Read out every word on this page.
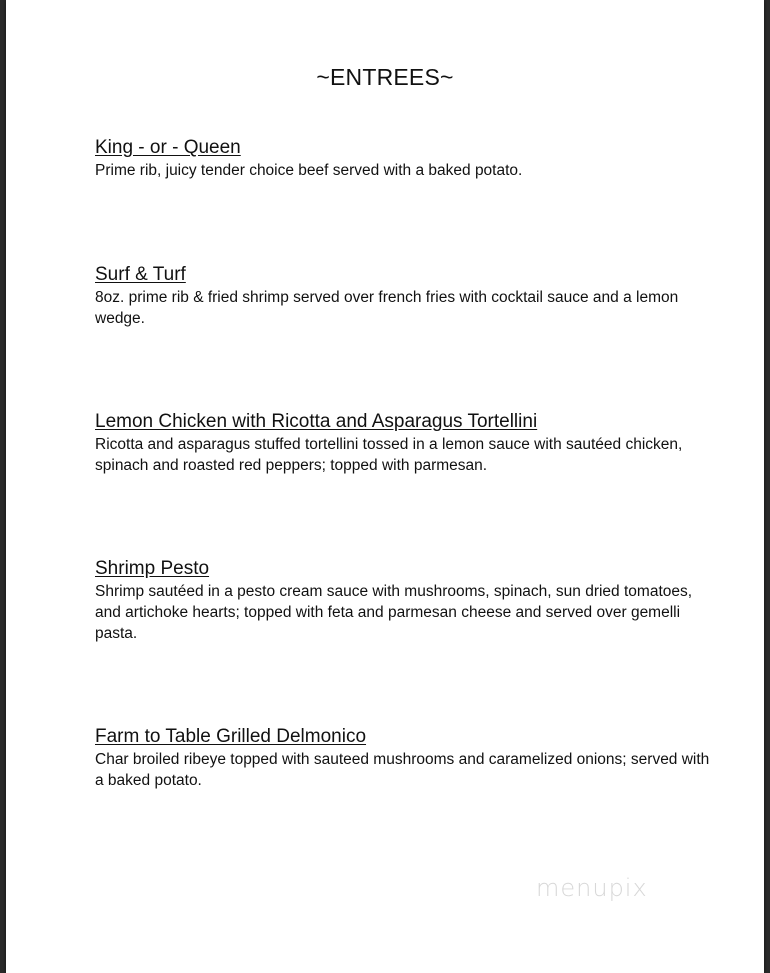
~ENTREES~

King - or - Queen

Prime rib, juicy tender choice beef served with a baked potato.

Surf & Turf

8oz. prime rib & fried shrimp served over french fries with cocktail sauce and a lemon wedge.

Lemon Chicken with Ricotta and Asparagus Tortellini

Ricotta and asparagus stuffed tortellini tossed in a lemon sauce with sautéed chicken, spinach and roasted red peppers; topped with parmesan.

Shrimp Pesto

Shrimp sautéed in a pesto cream sauce with mushrooms, spinach, sun dried tomatoes, and artichoke hearts; topped with feta and parmesan cheese and served over gemelli pasta.

Farm to Table Grilled Delmonico

Char broiled ribeye topped with sauteed mushrooms and caramelized onions; served with a baked potato.

menupix
